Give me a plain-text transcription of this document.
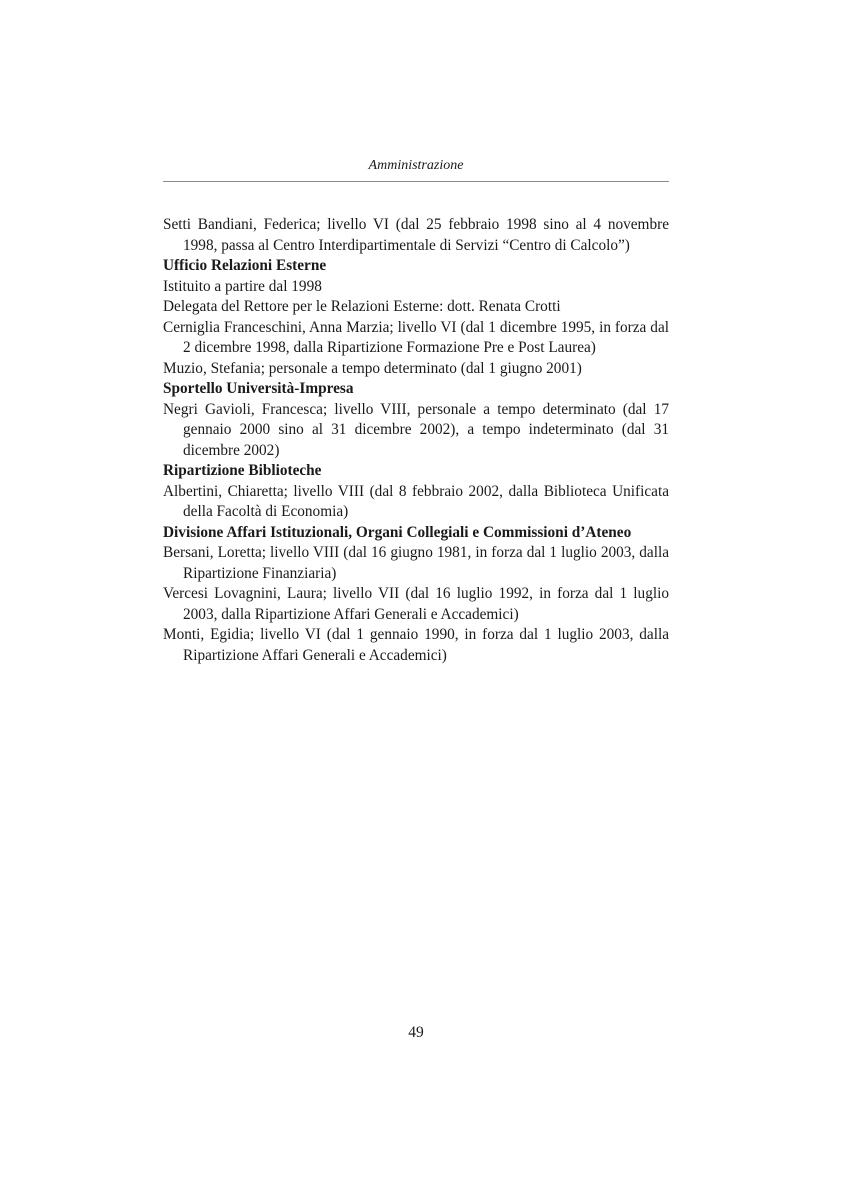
Amministrazione

Setti Bandiani, Federica; livello VI (dal 25 febbraio 1998 sino al 4 novembre 1998, passa al Centro Interdipartimentale di Servizi “Centro di Calcolo”)

Ufficio Relazioni Esterne

Istituito a partire dal 1998

Delegata del Rettore per le Relazioni Esterne: dott. Renata Crotti

Cerniglia Franceschini, Anna Marzia; livello VI (dal 1 dicembre 1995, in forza dal 2 dicembre 1998, dalla Ripartizione Formazione Pre e Post Laurea)

Muzio, Stefania; personale a tempo determinato (dal 1 giugno 2001)

Sportello Università-Impresa

Negri Gavioli, Francesca; livello VIII, personale a tempo determinato (dal 17 gennaio 2000 sino al 31 dicembre 2002), a tempo indeterminato (dal 31 dicembre 2002)

Ripartizione Biblioteche

Albertini, Chiaretta; livello VIII (dal 8 febbraio 2002, dalla Biblioteca Unificata della Facoltà di Economia)

Divisione Affari Istituzionali, Organi Collegiali e Commissioni d’Ateneo

Bersani, Loretta; livello VIII (dal 16 giugno 1981, in forza dal 1 luglio 2003, dalla Ripartizione Finanziaria)

Vercesi Lovagnini, Laura; livello VII (dal 16 luglio 1992, in forza dal 1 luglio 2003, dalla Ripartizione Affari Generali e Accademici)

Monti, Egidia; livello VI (dal 1 gennaio 1990, in forza dal 1 luglio 2003, dalla Ripartizione Affari Generali e Accademici)

49
